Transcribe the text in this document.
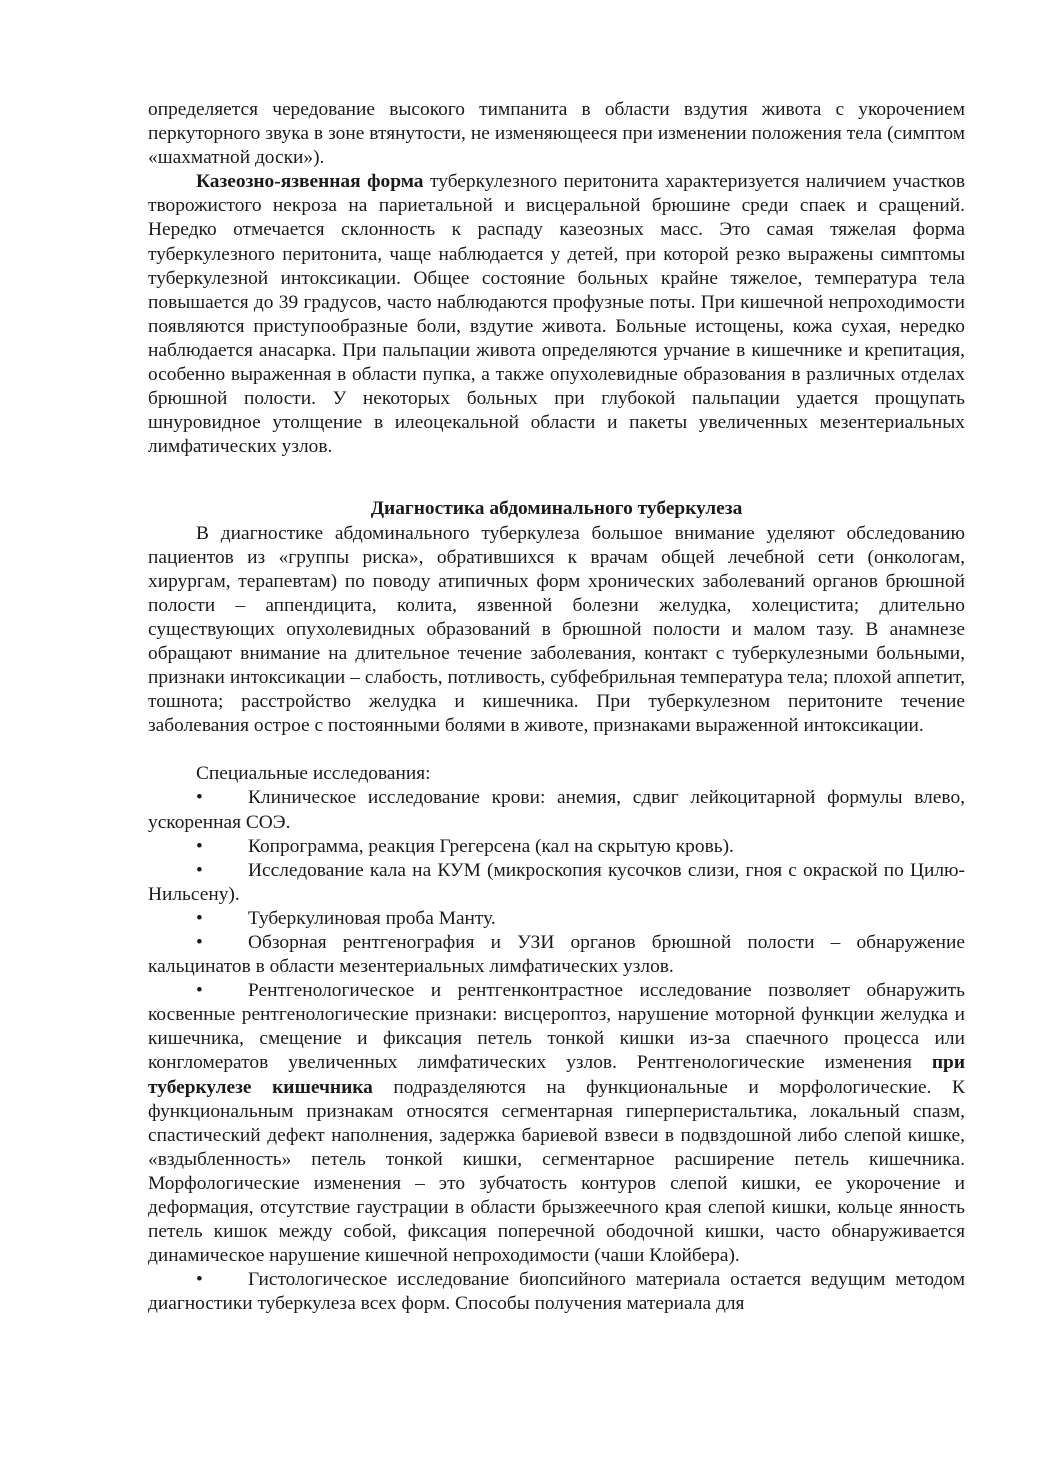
определяется чередование высокого тимпанита в области вздутия живота с укорочением перкуторного звука в зоне втянутости, не изменяющееся при изменении положения тела (симптом «шахматной доски»).

Казеозно-язвенная форма туберкулезного перитонита характеризуется наличием участков творожистого некроза на париетальной и висцеральной брюшине среди спаек и сращений. Нередко отмечается склонность к распаду казеозных масс. Это самая тяжелая форма туберкулезного перитонита, чаще наблюдается у детей, при которой резко выражены симптомы туберкулезной интоксикации. Общее состояние больных крайне тяжелое, температура тела повышается до 39 градусов, часто наблюдаются профузные поты. При кишечной непроходимости появляются приступообразные боли, вздутие живота. Больные истощены, кожа сухая, нередко наблюдается анасарка. При пальпации живота определяются урчание в кишечнике и крепитация, особенно выраженная в области пупка, а также опухолевидные образования в различных отделах брюшной полости. У некоторых больных при глубокой пальпации удается прощупать шнуровидное утолщение в илеоцекальной области и пакеты увеличенных мезентериальных лимфатических узлов.

Диагностика абдоминального туберкулеза

В диагностике абдоминального туберкулеза большое внимание уделяют обследованию пациентов из «группы риска», обратившихся к врачам общей лечебной сети (онкологам, хирургам, терапевтам) по поводу атипичных форм хронических заболеваний органов брюшной полости – аппендицита, колита, язвенной болезни желудка, холецистита; длительно существующих опухолевидных образований в брюшной полости и малом тазу. В анамнезе обращают внимание на длительное течение заболевания, контакт с туберкулезными больными, признаки интоксикации – слабость, потливость, субфебрильная температура тела; плохой аппетит, тошнота; расстройство желудка и кишечника. При туберкулезном перитоните течение заболевания острое с постоянными болями в животе, признаками выраженной интоксикации.

Специальные исследования:

• Клиническое исследование крови: анемия, сдвиг лейкоцитарной формулы влево, ускоренная СОЭ.

• Копрограмма, реакция Грегерсена (кал на скрытую кровь).

• Исследование кала на КУМ (микроскопия кусочков слизи, гноя с окраской по Цилю-Нильсену).

• Туберкулиновая проба Манту.

• Обзорная рентгенография и УЗИ органов брюшной полости – обнаружение кальцинатов в области мезентериальных лимфатических узлов.

• Рентгенологическое и рентгенконтрастное исследование позволяет обнаружить косвенные рентгенологические признаки: висцероптоз, нарушение моторной функции желудка и кишечника, смещение и фиксация петель тонкой кишки из-за спаечного процесса или конгломератов увеличенных лимфатических узлов. Рентгенологические изменения при туберкулезе кишечника подразделяются на функциональные и морфологические. К функциональным признакам относятся сегментарная гиперперистальтика, локальный спазм, спастический дефект наполнения, задержка бариевой взвеси в подвздошной либо слепой кишке, «вздыбленность» петель тонкой кишки, сегментарное расширение петель кишечника. Морфологические изменения – это зубчатость контуров слепой кишки, ее укорочение и деформация, отсутствие гаустрации в области брызжеечного края слепой кишки, кольце янность петель кишок между собой, фиксация поперечной ободочной кишки, часто обнаруживается динамическое нарушение кишечной непроходимости (чаши Клойбера).

• Гистологическое исследование биопсийного материала остается ведущим методом диагностики туберкулеза всех форм. Способы получения материала для
